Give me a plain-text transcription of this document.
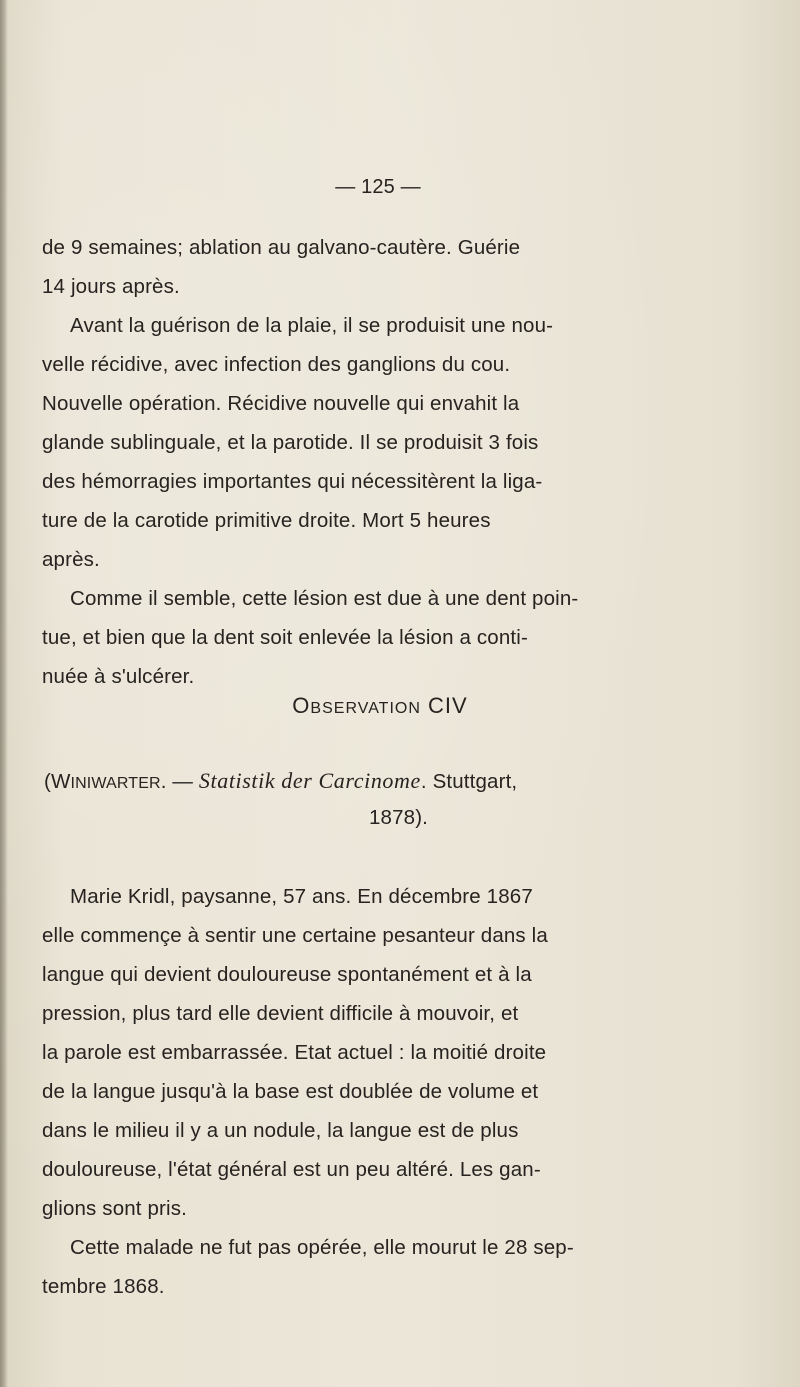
— 125 —
de 9 semaines; ablation au galvano-cautère. Guérie
14 jours après.
Avant la guérison de la plaie, il se produisit une nou-
velle récidive, avec infection des ganglions du cou.
Nouvelle opération. Récidive nouvelle qui envahit la
glande sublinguale, et la parotide. Il se produisit 3 fois
des hémorragies importantes qui nécessitèrent la liga-
ture de la carotide primitive droite. Mort 5 heures
après.
Comme il semble, cette lésion est due à une dent poin-
tue, et bien que la dent soit enlevée la lésion a conti-
nuée à s'ulcérer.
OBSERVATION CIV
(WINIWARTER. — Statistik der Carcinome. Stuttgart,
1878).
Marie Kridl, paysanne, 57 ans. En décembre 1867
elle commençe à sentir une certaine pesanteur dans la
langue qui devient douloureuse spontanément et à la
pression, plus tard elle devient difficile à mouvoir, et
la parole est embarrassée. Etat actuel : la moitié droite
de la langue jusqu'à la base est doublée de volume et
dans le milieu il y a un nodule, la langue est de plus
douloureuse, l'état général est un peu altéré. Les gan-
glions sont pris.
Cette malade ne fut pas opérée, elle mourut le 28 sep-
tembre 1868.
